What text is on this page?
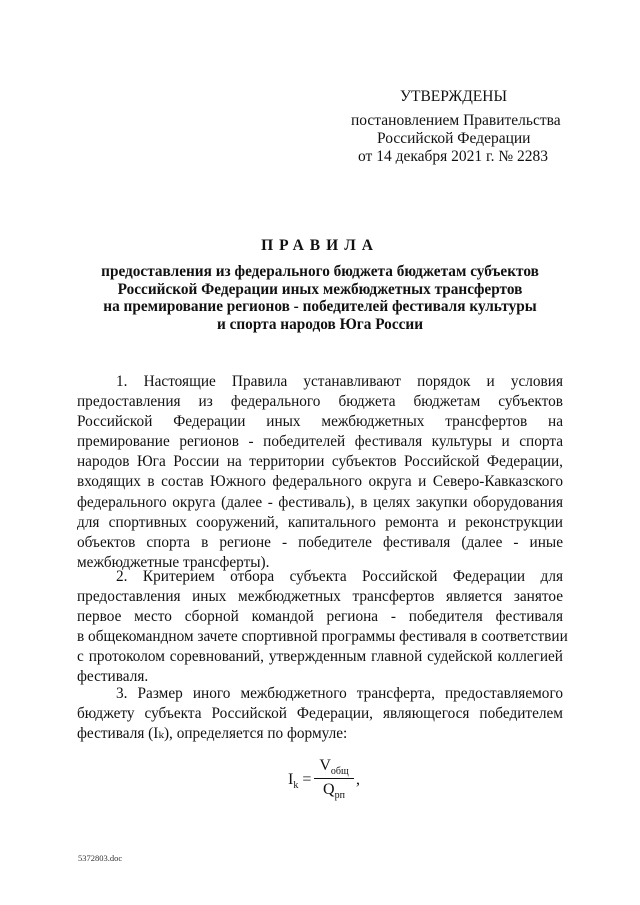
УТВЕРЖДЕНЫ
постановлением Правительства
Российской Федерации
от 14 декабря 2021 г. № 2283
ПРАВИЛА
предоставления из федерального бюджета бюджетам субъектов
Российской Федерации иных межбюджетных трансфертов
на премирование регионов - победителей фестиваля культуры
и спорта народов Юга России
1. Настоящие Правила устанавливают порядок и условия
предоставления из федерального бюджета бюджетам субъектов
Российской Федерации иных межбюджетных трансфертов на
премирование регионов - победителей фестиваля культуры и спорта
народов Юга России на территории субъектов Российской Федерации,
входящих в состав Южного федерального округа и Северо-Кавказского
федерального округа (далее - фестиваль), в целях закупки оборудования
для спортивных сооружений, капитального ремонта и реконструкции
объектов спорта в регионе - победителе фестиваля (далее - иные
межбюджетные трансферты).
2. Критерием отбора субъекта Российской Федерации для
предоставления иных межбюджетных трансфертов является занятое
первое место сборной командой региона - победителя фестиваля
в общекомандном зачете спортивной программы фестиваля в соответствии
с протоколом соревнований, утвержденным главной судейской коллегией
фестиваля.
3. Размер иного межбюджетного трансферта, предоставляемого
бюджету субъекта Российской Федерации, являющегося победителем
фестиваля (Iₖ), определяется по формуле:
$I_k$ =
$V_{общ}$
$Q_{рп}$
,
5372803.doc
